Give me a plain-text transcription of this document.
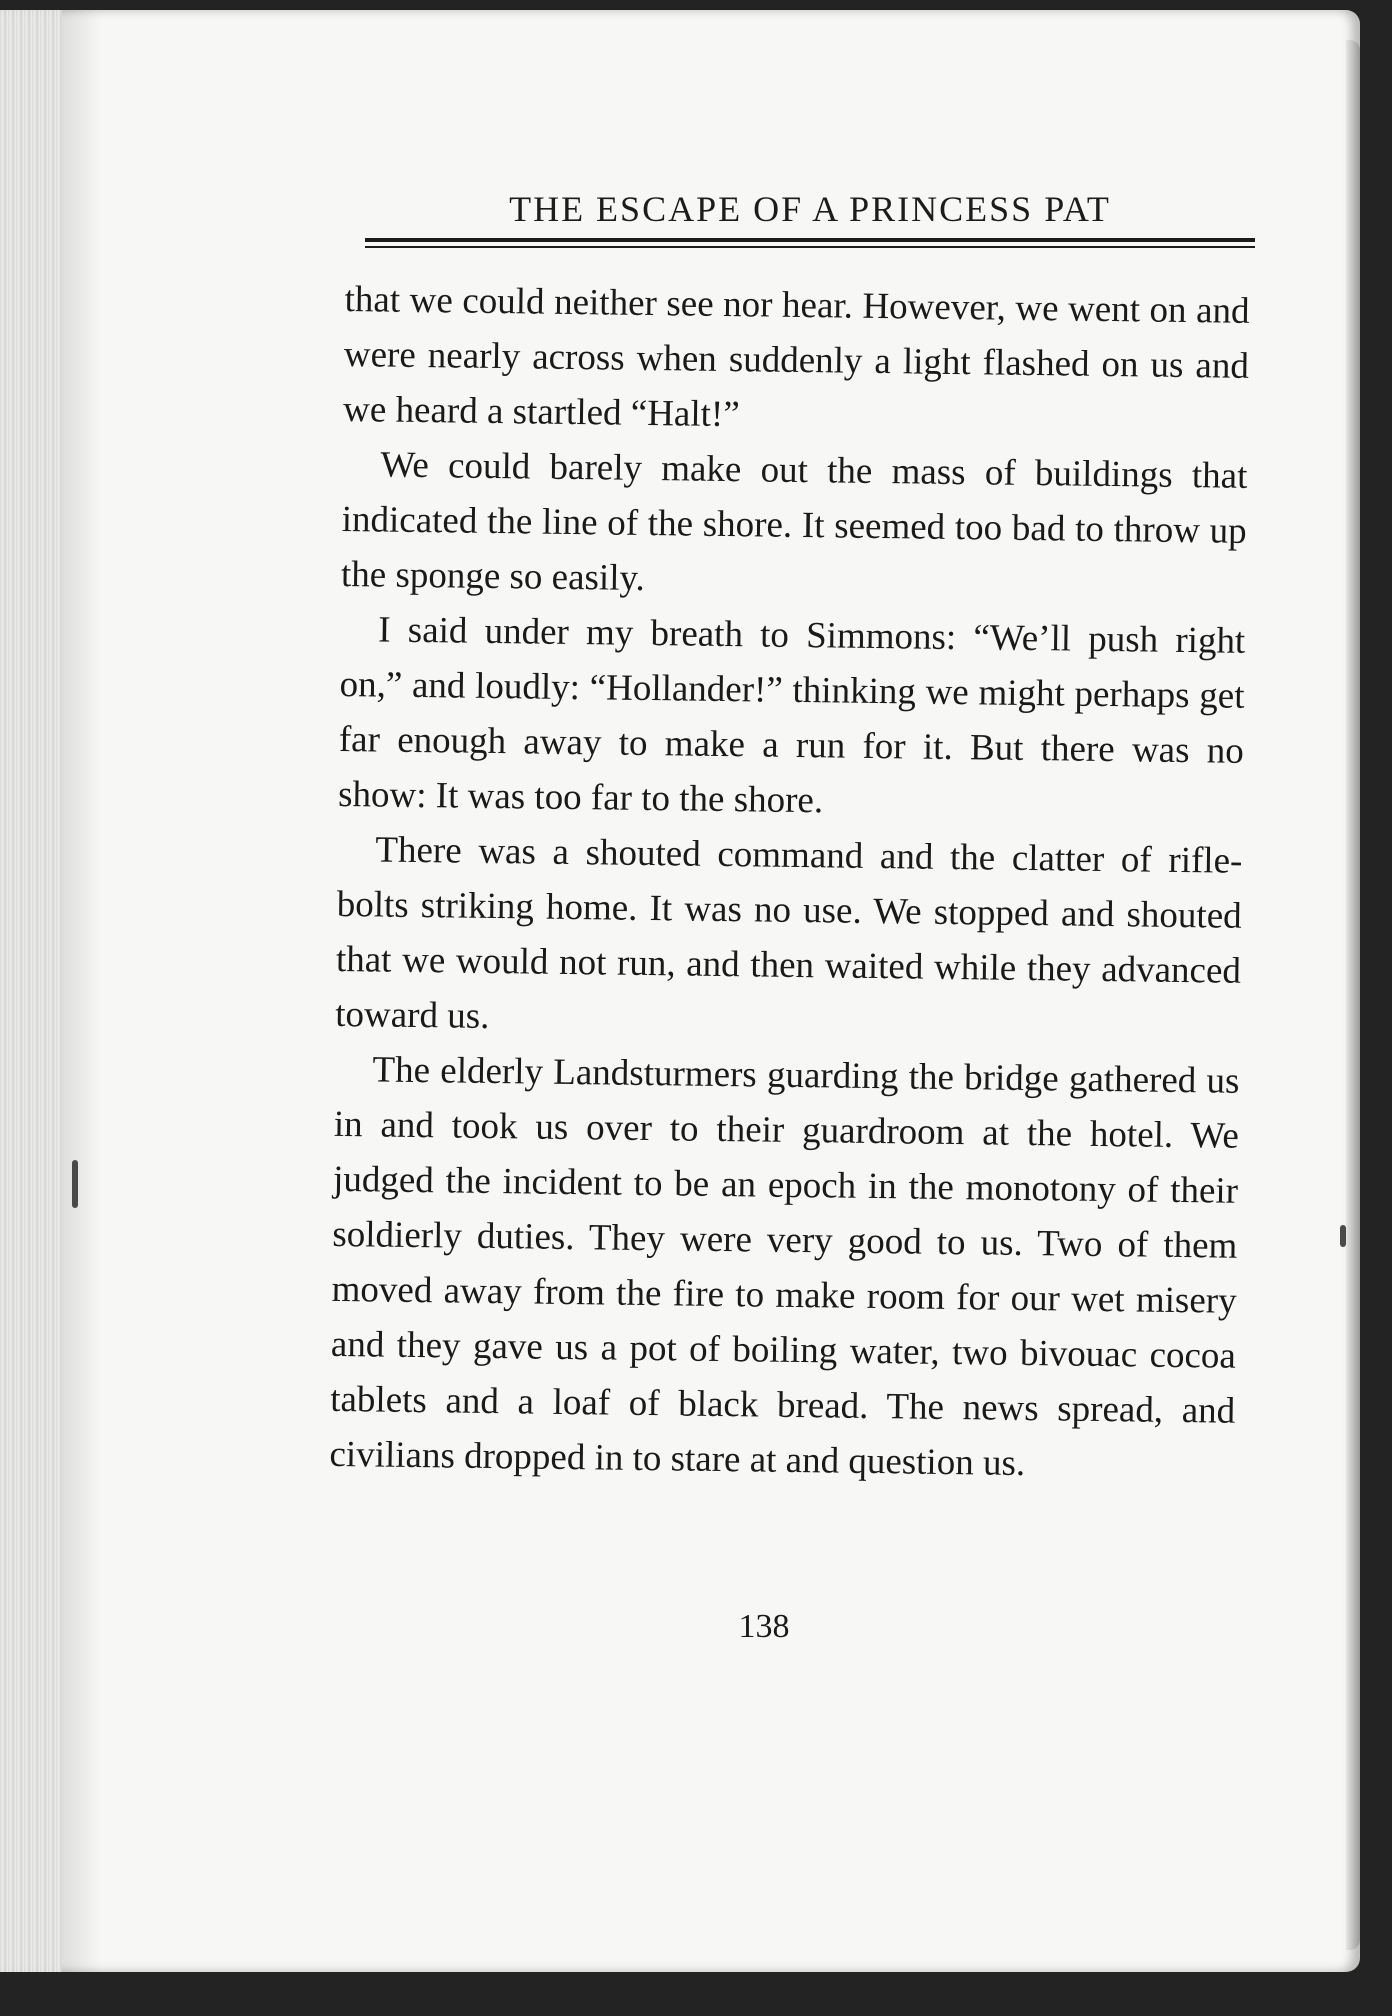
THE ESCAPE OF A PRINCESS PAT

that we could neither see nor hear. However, we went on and were nearly across when suddenly a light flashed on us and we heard a startled “Halt!”

We could barely make out the mass of buildings that indicated the line of the shore. It seemed too bad to throw up the sponge so easily.

I said under my breath to Simmons: “We’ll push right on,” and loudly: “Hollander!” thinking we might perhaps get far enough away to make a run for it. But there was no show: It was too far to the shore.

There was a shouted command and the clatter of rifle-bolts striking home. It was no use. We stopped and shouted that we would not run, and then waited while they advanced toward us.

The elderly Landsturmers guarding the bridge gathered us in and took us over to their guardroom at the hotel. We judged the incident to be an epoch in the monotony of their soldierly duties. They were very good to us. Two of them moved away from the fire to make room for our wet misery and they gave us a pot of boiling water, two bivouac cocoa tablets and a loaf of black bread. The news spread, and civilians dropped in to stare at and question us.

138
